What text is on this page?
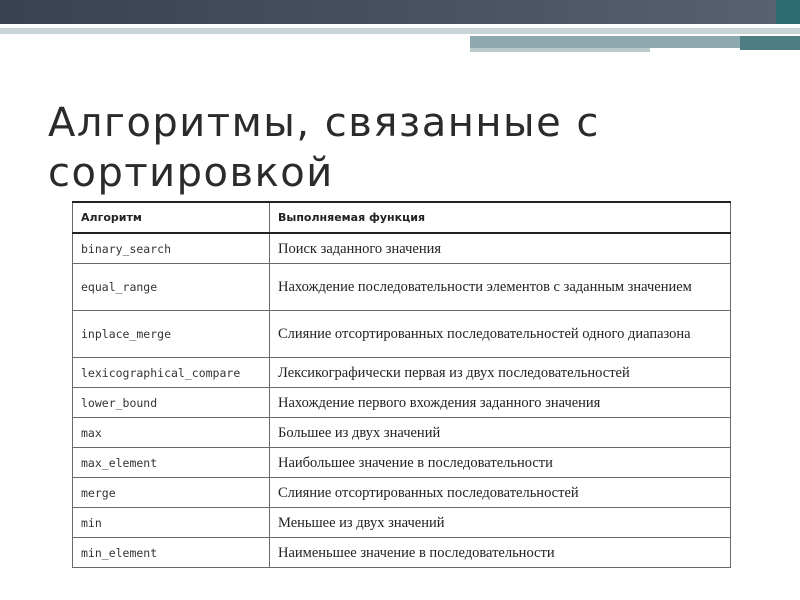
Алгоритмы, связанные с сортировкой
Алгоритм	Выполняемая функция
binary_search	Поиск заданного значения
equal_range	Нахождение последовательности элементов с заданным значением
inplace_merge	Слияние отсортированных последовательностей одного диапазона
lexicographical_compare	Лексикографически первая из двух последовательностей
lower_bound	Нахождение первого вхождения заданного значения
max	Большее из двух значений
max_element	Наибольшее значение в последовательности
merge	Слияние отсортированных последовательностей
min	Меньшее из двух значений
min_element	Наименьшее значение в последовательности
